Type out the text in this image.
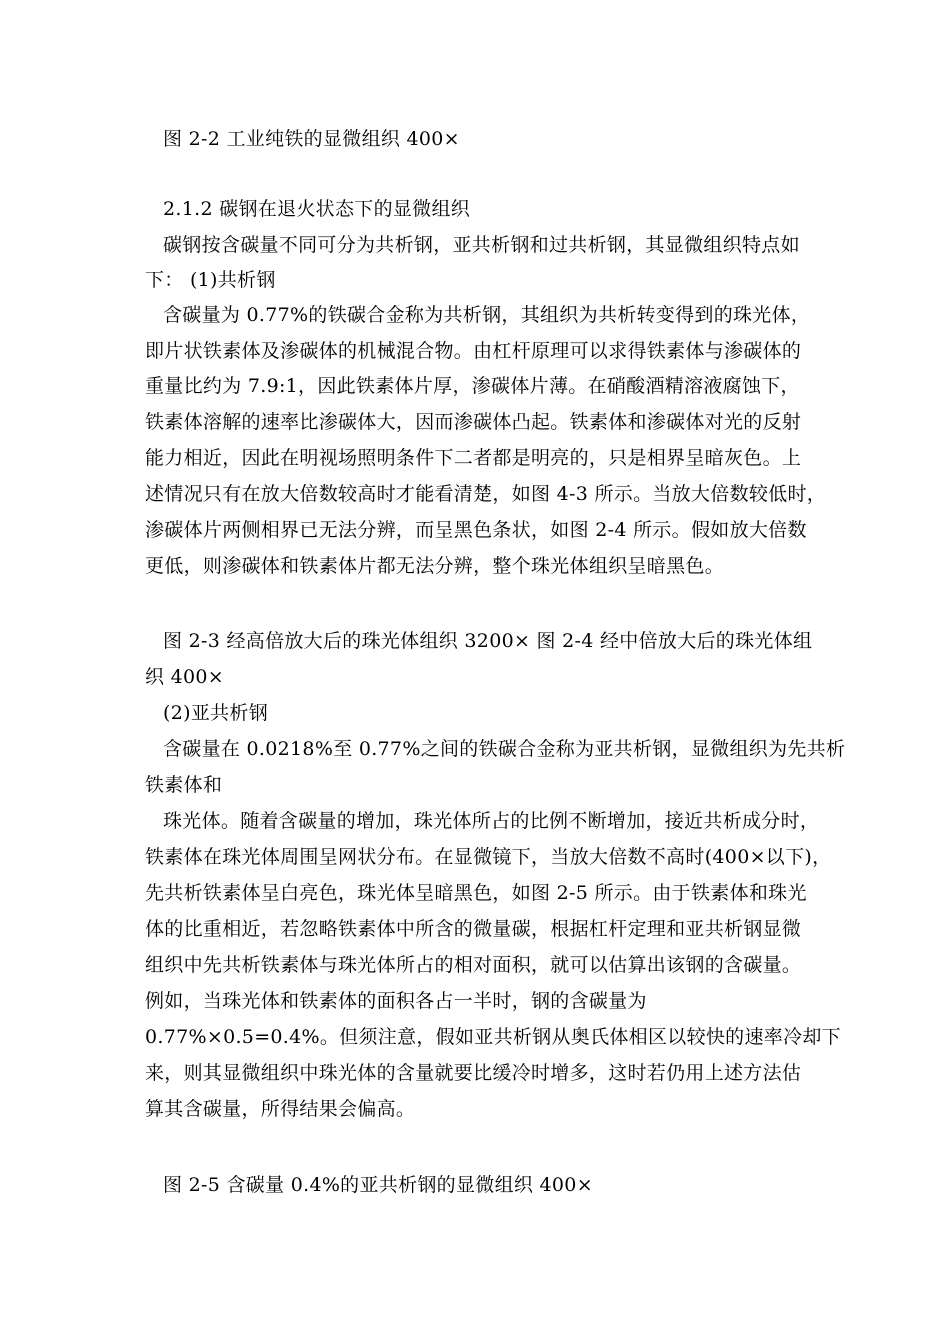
图 2-2 工业纯铁的显微组织 400×
2.1.2 碳钢在退火状态下的显微组织
碳钢按含碳量不同可分为共析钢，亚共析钢和过共析钢，其显微组织特点如
下： (1)共析钢
含碳量为 0.77%的铁碳合金称为共析钢，其组织为共析转变得到的珠光体，
即片状铁素体及渗碳体的机械混合物。由杠杆原理可以求得铁素体与渗碳体的
重量比约为 7.9:1，因此铁素体片厚，渗碳体片薄。在硝酸酒精溶液腐蚀下，
铁素体溶解的速率比渗碳体大，因而渗碳体凸起。铁素体和渗碳体对光的反射
能力相近，因此在明视场照明条件下二者都是明亮的，只是相界呈暗灰色。上
述情况只有在放大倍数较高时才能看清楚，如图 4-3 所示。当放大倍数较低时，
渗碳体片两侧相界已无法分辨，而呈黑色条状，如图 2-4 所示。假如放大倍数
更低，则渗碳体和铁素体片都无法分辨，整个珠光体组织呈暗黑色。
图 2-3 经高倍放大后的珠光体组织 3200× 图 2-4 经中倍放大后的珠光体组
织 400×
(2)亚共析钢
含碳量在 0.0218%至 0.77%之间的铁碳合金称为亚共析钢，显微组织为先共析
铁素体和
珠光体。随着含碳量的增加，珠光体所占的比例不断增加，接近共析成分时，
铁素体在珠光体周围呈网状分布。在显微镜下，当放大倍数不高时(400×以下)，
先共析铁素体呈白亮色，珠光体呈暗黑色，如图 2-5 所示。由于铁素体和珠光
体的比重相近，若忽略铁素体中所含的微量碳，根据杠杆定理和亚共析钢显微
组织中先共析铁素体与珠光体所占的相对面积，就可以估算出该钢的含碳量。
例如，当珠光体和铁素体的面积各占一半时，钢的含碳量为
0.77%×0.5=0.4%。但须注意，假如亚共析钢从奥氏体相区以较快的速率冷却下
来，则其显微组织中珠光体的含量就要比缓冷时增多，这时若仍用上述方法估
算其含碳量，所得结果会偏高。
图 2-5 含碳量 0.4%的亚共析钢的显微组织 400×
